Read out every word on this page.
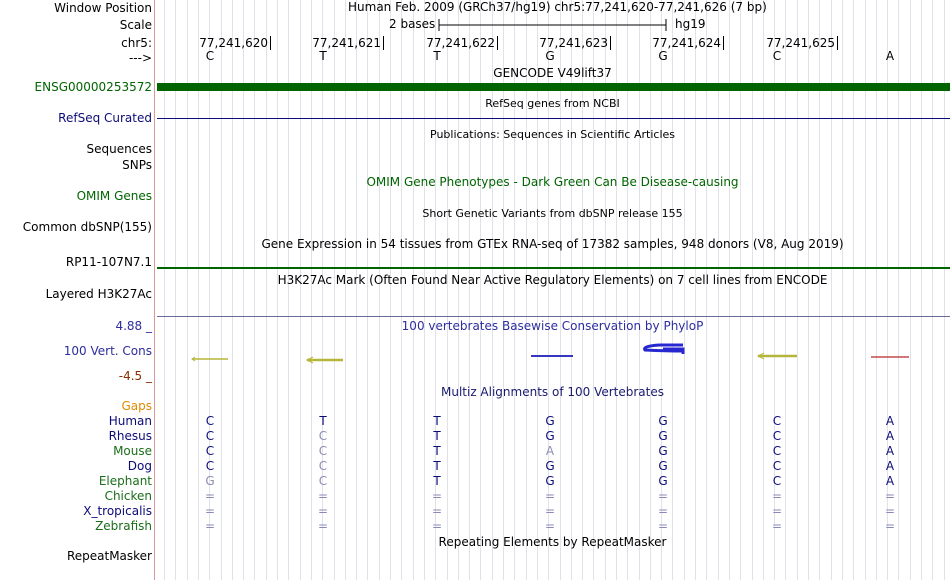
Window Position	Human Feb. 2009 (GRCh37/hg19) chr5:77,241,620-77,241,626 (7 bp)
Scale	2 bases	hg19
chr5:	77,241,620	77,241,621	77,241,622	77,241,623	77,241,624	77,241,625
--->	C	T	T	G	G	C	A
GENCODE V49lift37
ENSG00000253572
RefSeq genes from NCBI
RefSeq Curated
Publications: Sequences in Scientific Articles
Sequences
SNPs
OMIM Gene Phenotypes - Dark Green Can Be Disease-causing
OMIM Genes
Short Genetic Variants from dbSNP release 155
Common dbSNP(155)
Gene Expression in 54 tissues from GTEx RNA-seq of 17382 samples, 948 donors (V8, Aug 2019)
RP11-107N7.1
H3K27Ac Mark (Often Found Near Active Regulatory Elements) on 7 cell lines from ENCODE
Layered H3K27Ac
100 vertebrates Basewise Conservation by PhyloP
4.88 _
100 Vert. Cons
-4.5 _
Multiz Alignments of 100 Vertebrates
Gaps
Human	C	T	T	G	G	C	A
Rhesus	C	C	T	G	G	C	A
Mouse	C	C	T	A	G	C	A
Dog	C	C	T	G	G	C	A
Elephant	G	C	T	G	G	C	A
Chicken	=	=	=	=	=	=	=
X_tropicalis	=	=	=	=	=	=	=
Zebrafish	=	=	=	=	=	=	=
Repeating Elements by RepeatMasker
RepeatMasker
